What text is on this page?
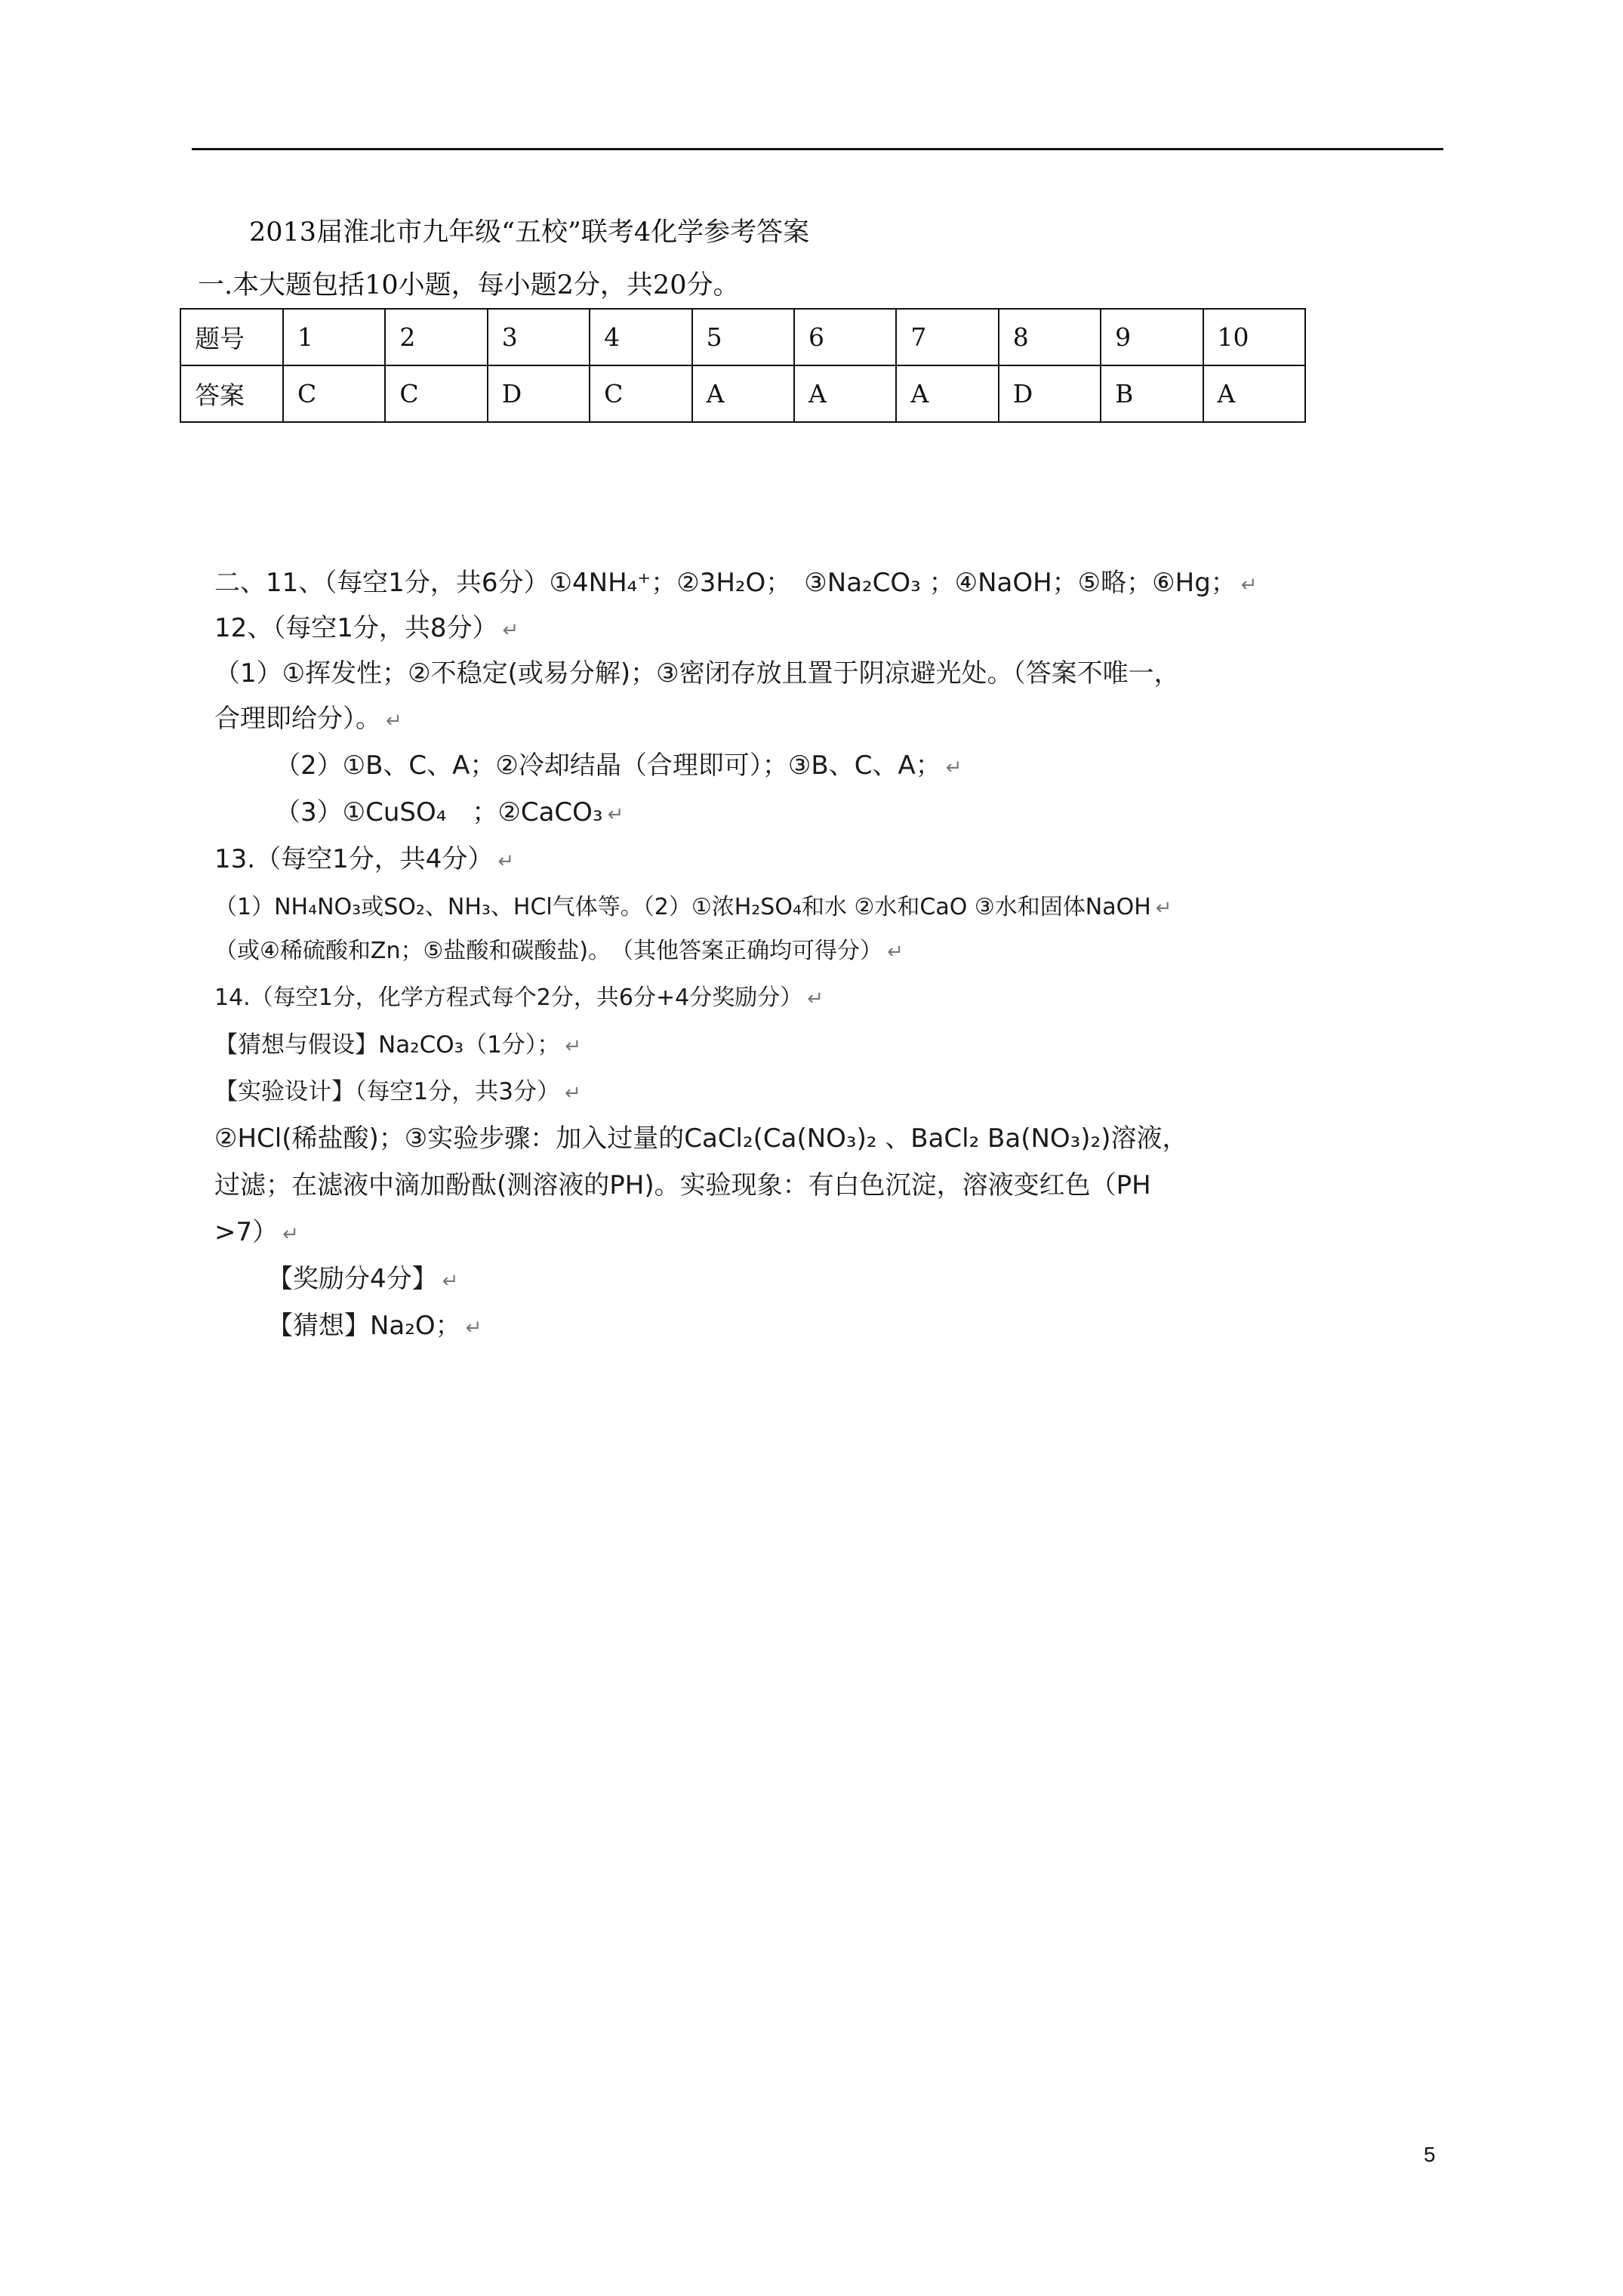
2013届淮北市九年级“五校”联考4化学参考答案
一.本大题包括10小题，每小题2分，共20分。
题号	1	2	3	4	5	6	7	8	9	10
答案	C	C	D	C	A	A	A	D	B	A
二、11、（每空1分，共6分）①4NH₄⁺；②3H₂O；　③Na₂CO₃ ；④NaOH；⑤略；⑥Hg； ↵
12、（每空1分，共8分） ↵
（1）①挥发性；②不稳定(或易分解)；③密闭存放且置于阴凉避光处。（答案不唯一，
合理即给分）。 ↵
（2）①B、C、A；②冷却结晶（合理即可）；③B、C、A； ↵
（3）①CuSO₄　；②CaCO₃ ↵
13.（每空1分，共4分） ↵
（1）NH₄NO₃或SO₂、NH₃、HCl气体等。（2）①浓H₂SO₄和水 ②水和CaO ③水和固体NaOH ↵
（或④稀硫酸和Zn；⑤盐酸和碳酸盐)。　（其他答案正确均可得分） ↵
14.（每空1分，化学方程式每个2分，共6分+4分奖励分） ↵
【猜想与假设】Na₂CO₃（1分）； ↵
【实验设计】（每空1分，共3分） ↵
②HCl(稀盐酸)；③实验步骤：加入过量的CaCl₂(Ca(NO₃)₂ 、BaCl₂ Ba(NO₃)₂)溶液，
过滤；在滤液中滴加酚酞(测溶液的PH)。实验现象：有白色沉淀，溶液变红色（PH
>7） ↵
【奖励分4分】 ↵
【猜想】Na₂O； ↵
5
